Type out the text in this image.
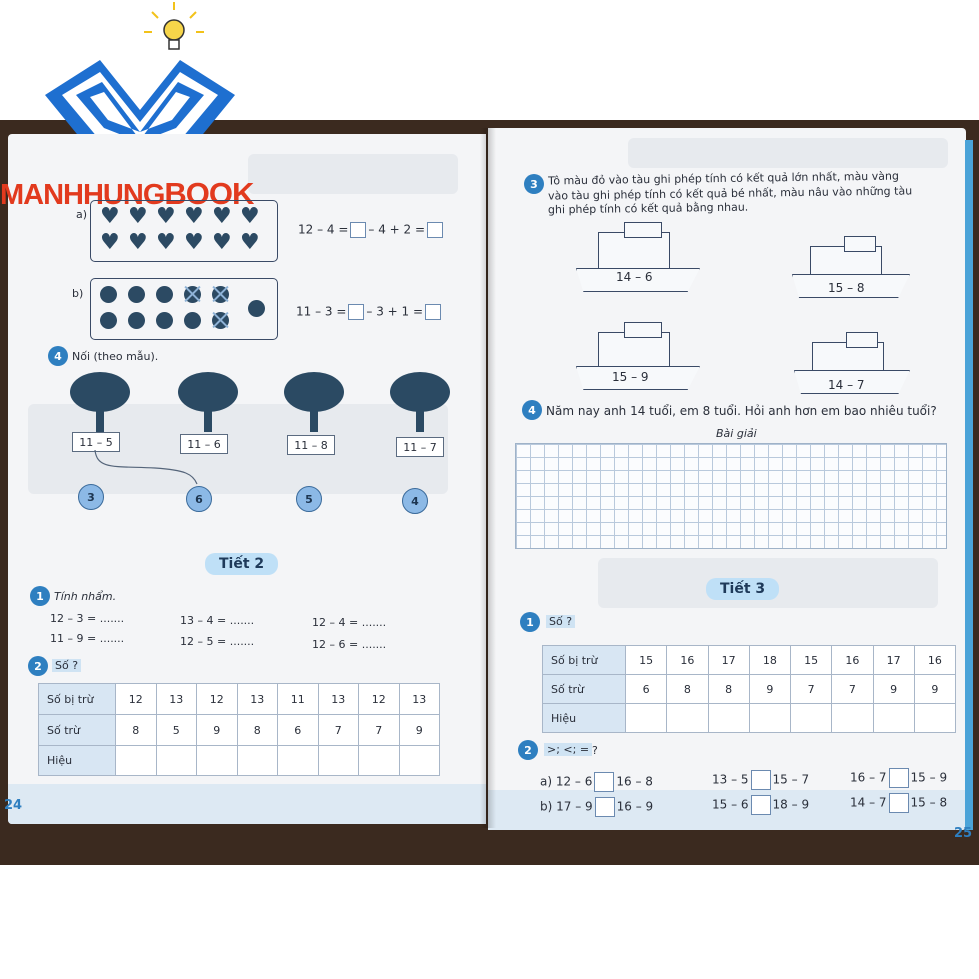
MANHHUNGBOOK
a) ♥ ♥ ♥ ♥ ♥ ♥
♥ ♥ ♥ ♥ ♥ ♥
12 – 4 = – 4 + 2 =
b)
11 – 3 = – 3 + 1 =
4 Nối (theo mẫu).
11 – 5	11 – 6	11 – 8	11 – 7
3	6	5	4
Tiết 2
1 Tính nhẩm.
12 – 3 = .......	13 – 4 = .......	12 – 4 = .......
11 – 9 = .......	12 – 5 = .......	12 – 6 = .......
2	Số ?
Số bị trừ	12	13	12	13	11	13	12	13
Số trừ	8	5	9	8	6	7	7	9
Hiệu								
24
3 Tô màu đỏ vào tàu ghi phép tính có kết quả lớn nhất, màu vàng
vào tàu ghi phép tính có kết quả bé nhất, màu nâu vào những tàu
ghi phép tính có kết quả bằng nhau.
14 – 6
15 – 8
15 – 9
14 – 7
4 Năm nay anh 14 tuổi, em 8 tuổi. Hỏi anh hơn em bao nhiêu tuổi?
Bài giải
Tiết 3
1	Số ?
Số bị trừ	15	16	17	18	15	16	17	16
Số trừ	6	8	8	9	7	7	9	9
Hiệu								
2	>; <; = ?
a) 12 – 6 16 – 8	13 – 5 15 – 7	16 – 7 15 – 9
b) 17 – 9 16 – 9	15 – 6 18 – 9	14 – 7 15 – 8
25
